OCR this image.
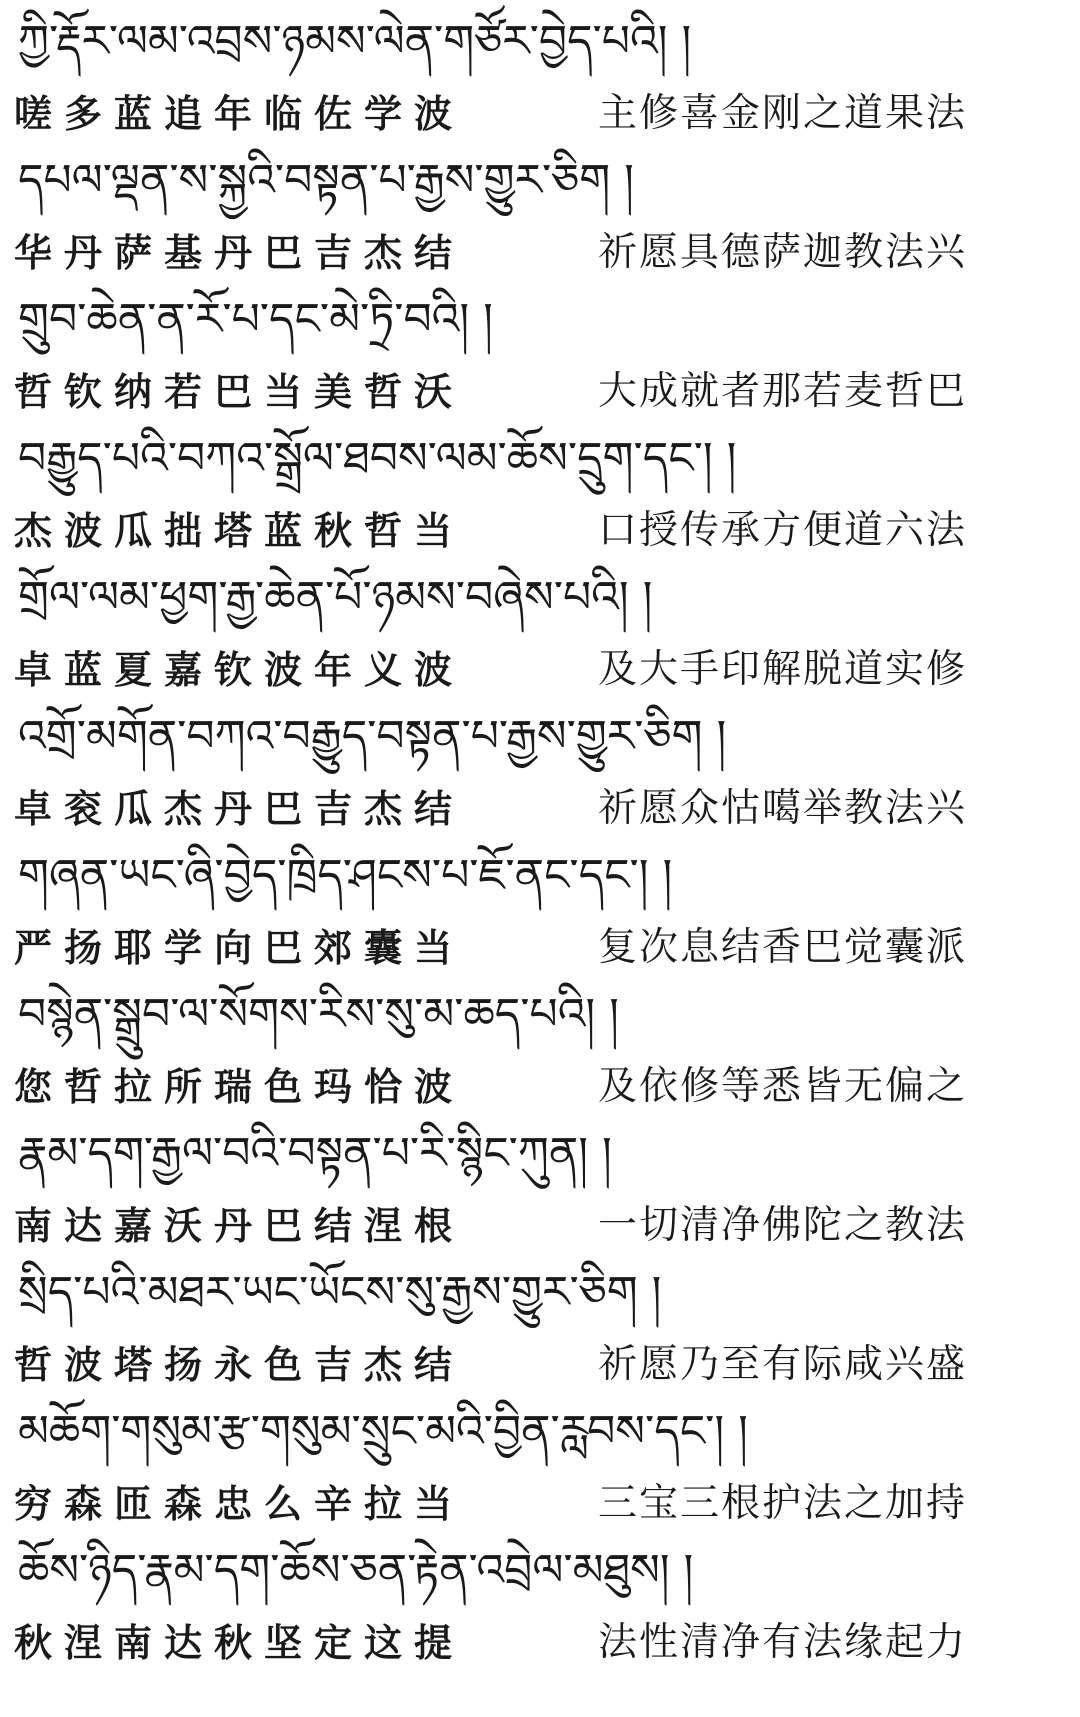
ཀྱི་རྡོར་ལམ་འབྲས་ཉམས་ལེན་གཙོར་བྱེད་པའི། །
嗟多蓝追年临佐学波	主修喜金刚之道果法
དཔལ་ལྡན་ས་སྐྱའི་བསྟན་པ་རྒྱས་གྱུར་ཅིག །
华丹萨基丹巴吉杰结	祈愿具德萨迦教法兴
གྲུབ་ཆེན་ན་རོ་པ་དང་མེ་ཏྲི་བའི། །
哲钦纳若巴当美哲沃	大成就者那若麦哲巴
བརྒྱུད་པའི་བཀའ་སྒྲོལ་ཐབས་ལམ་ཆོས་དྲུག་དང་། །
杰波瓜拙塔蓝秋哲当	口授传承方便道六法
གྲོལ་ལམ་ཕྱག་རྒྱ་ཆེན་པོ་ཉམས་བཞེས་པའི། །
卓蓝夏嘉钦波年义波	及大手印解脱道实修
འགྲོ་མགོན་བཀའ་བརྒྱུད་བསྟན་པ་རྒྱས་གྱུར་ཅིག །
卓衮瓜杰丹巴吉杰结	祈愿众怙噶举教法兴
གཞན་ཡང་ཞི་བྱེད་ཁྲིད་ཤངས་པ་ཇོ་ནང་དང་། །
严扬耶学向巴郊囊当	复次息结香巴觉囊派
བསྙེན་སྒྲུབ་ལ་སོགས་རིས་སུ་མ་ཆད་པའི། །
您哲拉所瑞色玛恰波	及依修等悉皆无偏之
རྣམ་དག་རྒྱལ་བའི་བསྟན་པ་རི་སྙིང་ཀུན། །
南达嘉沃丹巴结涅根	一切清净佛陀之教法
སྲིད་པའི་མཐར་ཡང་ཡོངས་སུ་རྒྱས་གྱུར་ཅིག །
哲波塔扬永色吉杰结	祈愿乃至有际咸兴盛
མཆོག་གསུམ་རྩ་གསུམ་སྲུང་མའི་བྱིན་རླབས་དང་། །
穷森匝森忠么辛拉当	三宝三根护法之加持
ཆོས་ཉིད་རྣམ་དག་ཆོས་ཅན་རྟེན་འབྲེལ་མཐུས། །
秋涅南达秋坚定这提	法性清净有法缘起力
